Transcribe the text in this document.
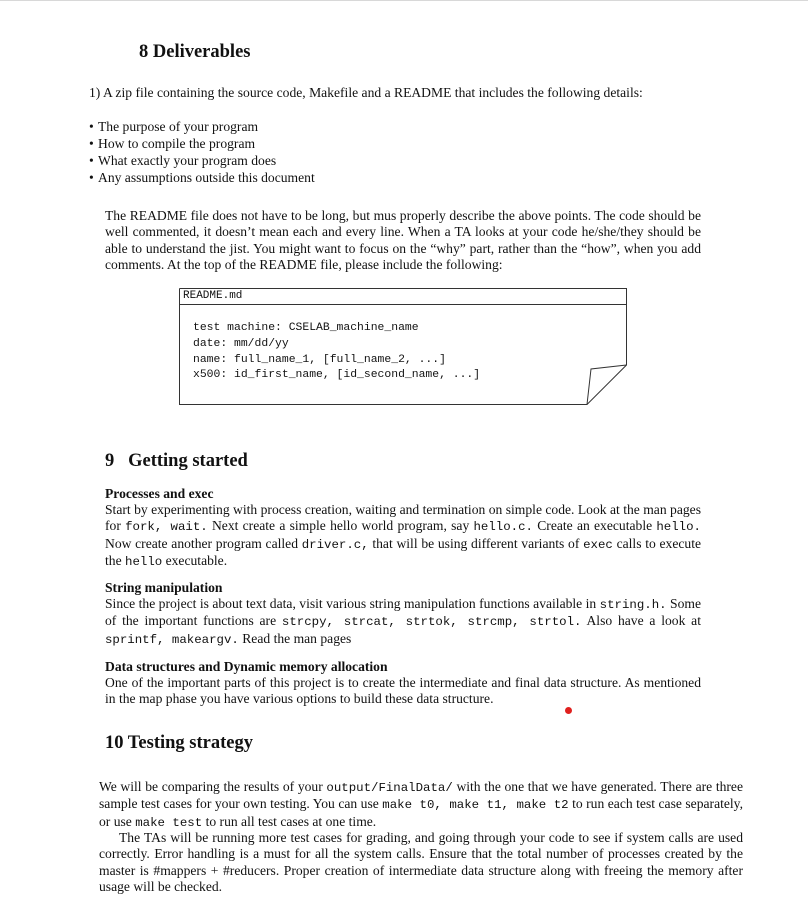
8 Deliverables
1) A zip file containing the source code, Makefile and a README that includes the following details:
• The purpose of your program
• How to compile the program
• What exactly your program does
• Any assumptions outside this document
The README file does not have to be long, but mus properly describe the above points. The code should be well commented, it doesn’t mean each and every line. When a TA looks at your code he/she/they should be able to understand the jist. You might want to focus on the “why” part, rather than the “how”, when you add comments. At the top of the README file, please include the following:
README.md
test machine: CSELAB_machine_name
date: mm/dd/yy
name: full_name_1, [full_name_2, ...]
x500: id_first_name, [id_second_name, ...]
9   Getting started
Processes and exec
Start by experimenting with process creation, waiting and termination on simple code. Look at the man pages for fork, wait. Next create a simple hello world program, say hello.c. Create an executable hello. Now create another program called driver.c, that will be using different variants of exec calls to execute the hello executable.
String manipulation
Since the project is about text data, visit various string manipulation functions available in string.h. Some of the important functions are strcpy, strcat, strtok, strcmp, strtol. Also have a look at sprintf, makeargv. Read the man pages
Data structures and Dynamic memory allocation
One of the important parts of this project is to create the intermediate and final data structure. As mentioned in the map phase you have various options to build these data structure.
10 Testing strategy
We will be comparing the results of your output/FinalData/ with the one that we have generated. There are three sample test cases for your own testing. You can use make t0, make t1, make t2 to run each test case separately, or use make test to run all test cases at one time.
The TAs will be running more test cases for grading, and going through your code to see if system calls are used correctly. Error handling is a must for all the system calls. Ensure that the total number of processes created by the master is #mappers + #reducers. Proper creation of intermediate data structure along with freeing the memory after usage will be checked.
